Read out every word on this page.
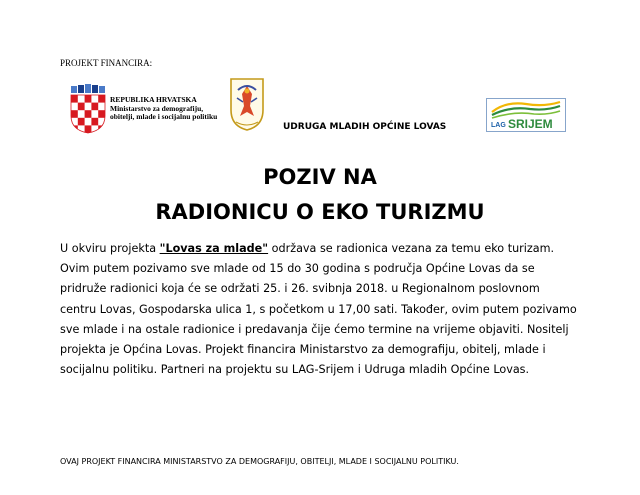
PROJEKT FINANCIRA:
REPUBLIKA HRVATSKA
Ministarstvo za demografiju,
obitelji, mlade i socijalnu politiku
UDRUGA MLADIH OPĆINE LOVAS	LAG SRIJEM
POZIV NA
RADIONICU O EKO TURIZMU
U okviru projekta "Lovas za mlade" održava se radionica vezana za temu eko turizam.
Ovim putem pozivamo sve mlade od 15 do 30 godina s područja Općine Lovas da se
pridruže radionici koja će se održati 25. i 26. svibnja 2018. u Regionalnom poslovnom
centru Lovas, Gospodarska ulica 1, s početkom u 17,00 sati. Također, ovim putem pozivamo
sve mlade i na ostale radionice i predavanja čije ćemo termine na vrijeme objaviti. Nositelj
projekta je Općina Lovas. Projekt financira Ministarstvo za demografiju, obitelj, mlade i
socijalnu politiku. Partneri na projektu su LAG-Srijem i Udruga mladih Općine Lovas.
OVAJ PROJEKT FINANCIRA MINISTARSTVO ZA DEMOGRAFIJU, OBITELJI, MLADE I SOCIJALNU POLITIKU.
